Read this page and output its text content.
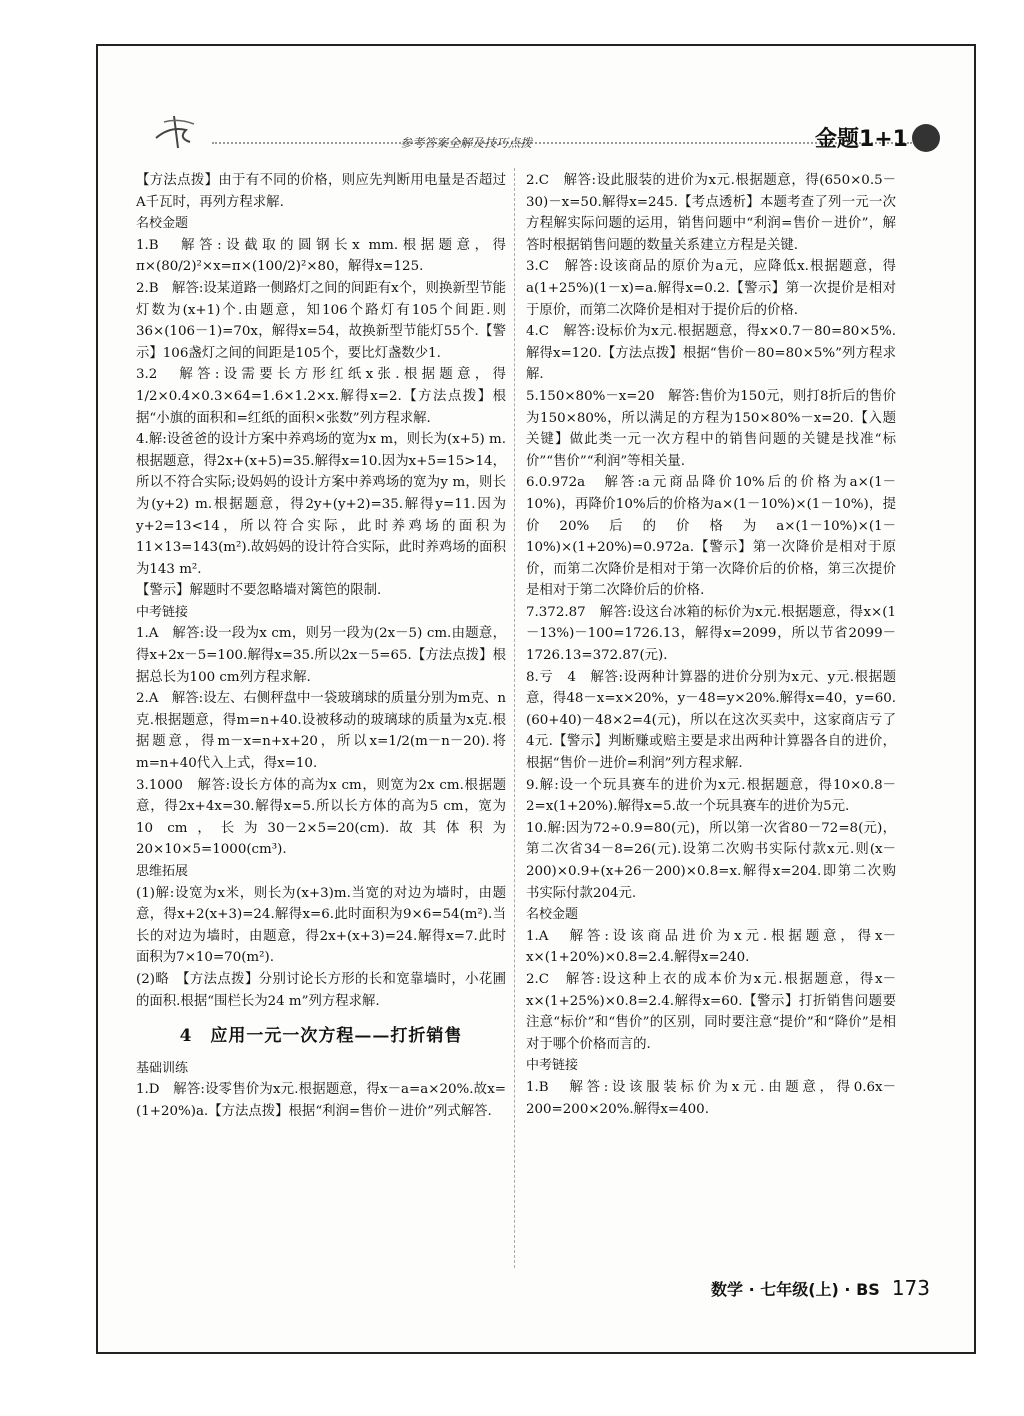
参考答案全解及技巧点拨	金题1+1

【方法点拨】由于有不同的价格，则应先判断用电量是否超过A千瓦时，再列方程求解.

名校金题

1.B　解答:设截取的圆钢长x mm.根据题意，得π×(80/2)²×x=π×(100/2)²×80，解得x=125.

2.B　解答:设某道路一侧路灯之间的间距有x个，则换新型节能灯数为(x+1)个.由题意，知106个路灯有105个间距.则36×(106－1)=70x，解得x=54，故换新型节能灯55个.【警示】106盏灯之间的间距是105个，要比灯盏数少1.

3.2　解答:设需要长方形红纸x张.根据题意，得1/2×0.4×0.3×64=1.6×1.2×x.解得x=2.【方法点拨】根据“小旗的面积和=红纸的面积×张数”列方程求解.

4.解:设爸爸的设计方案中养鸡场的宽为x m，则长为(x+5) m.根据题意，得2x+(x+5)=35.解得x=10.因为x+5=15>14，所以不符合实际;设妈妈的设计方案中养鸡场的宽为y m，则长为(y+2) m.根据题意，得2y+(y+2)=35.解得y=11.因为y+2=13<14，所以符合实际，此时养鸡场的面积为11×13=143(m²).故妈妈的设计符合实际，此时养鸡场的面积为143 m².

【警示】解题时不要忽略墙对篱笆的限制.

中考链接

1.A　解答:设一段为x cm，则另一段为(2x－5) cm.由题意，得x+2x－5=100.解得x=35.所以2x－5=65.【方法点拨】根据总长为100 cm列方程求解.

2.A　解答:设左、右侧秤盘中一袋玻璃球的质量分别为m克、n克.根据题意，得m=n+40.设被移动的玻璃球的质量为x克.根据题意，得m－x=n+x+20，所以x=1/2(m－n－20).将m=n+40代入上式，得x=10.

3.1000　解答:设长方体的高为x cm，则宽为2x cm.根据题意，得2x+4x=30.解得x=5.所以长方体的高为5 cm，宽为10 cm，长为30－2×5=20(cm).故其体积为20×10×5=1000(cm³).

思维拓展

(1)解:设宽为x米，则长为(x+3)m.当宽的对边为墙时，由题意，得x+2(x+3)=24.解得x=6.此时面积为9×6=54(m²).当长的对边为墙时，由题意，得2x+(x+3)=24.解得x=7.此时面积为7×10=70(m²).

(2)略　【方法点拨】分别讨论长方形的长和宽靠墙时，小花圃的面积.根据“围栏长为24 m”列方程求解.

4　应用一元一次方程——打折销售

基础训练

1.D　解答:设零售价为x元.根据题意，得x－a=a×20%.故x=(1+20%)a.【方法点拨】根据“利润=售价－进价”列式解答.

2.C　解答:设此服装的进价为x元.根据题意，得(650×0.5－30)－x=50.解得x=245.【考点透析】本题考查了列一元一次方程解实际问题的运用，销售问题中“利润=售价－进价”，解答时根据销售问题的数量关系建立方程是关键.

3.C　解答:设该商品的原价为a元，应降低x.根据题意，得a(1+25%)(1－x)=a.解得x=0.2.【警示】第一次提价是相对于原价，而第二次降价是相对于提价后的价格.

4.C　解答:设标价为x元.根据题意，得x×0.7－80=80×5%.解得x=120.【方法点拨】根据“售价－80=80×5%”列方程求解.

5.150×80%－x=20　解答:售价为150元，则打8折后的售价为150×80%，所以满足的方程为150×80%－x=20.【入题关键】做此类一元一次方程中的销售问题的关键是找准“标价”“售价”“利润”等相关量.

6.0.972a　解答:a元商品降价10%后的价格为a×(1－10%)，再降价10%后的价格为a×(1－10%)×(1－10%)，提价20%后的价格为a×(1－10%)×(1－10%)×(1+20%)=0.972a.【警示】第一次降价是相对于原价，而第二次降价是相对于第一次降价后的价格，第三次提价是相对于第二次降价后的价格.

7.372.87　解答:设这台冰箱的标价为x元.根据题意，得x×(1－13%)－100=1726.13，解得x=2099，所以节省2099－1726.13=372.87(元).

8.亏　4　解答:设两种计算器的进价分别为x元、y元.根据题意，得48－x=x×20%，y－48=y×20%.解得x=40，y=60.(60+40)－48×2=4(元)，所以在这次买卖中，这家商店亏了4元.【警示】判断赚或赔主要是求出两种计算器各自的进价，根据“售价－进价=利润”列方程求解.

9.解:设一个玩具赛车的进价为x元.根据题意，得10×0.8－2=x(1+20%).解得x=5.故一个玩具赛车的进价为5元.

10.解:因为72÷0.9=80(元)，所以第一次省80－72=8(元)，第二次省34－8=26(元).设第二次购书实际付款x元.则(x－200)×0.9+(x+26－200)×0.8=x.解得x=204.即第二次购书实际付款204元.

名校金题

1.A　解答:设该商品进价为x元.根据题意，得x－x×(1+20%)×0.8=2.4.解得x=240.

2.C　解答:设这种上衣的成本价为x元.根据题意，得x－x×(1+25%)×0.8=2.4.解得x=60.【警示】打折销售问题要注意“标价”和“售价”的区别，同时要注意“提价”和“降价”是相对于哪个价格而言的.

中考链接

1.B　解答:设该服装标价为x元.由题意，得0.6x－200=200×20%.解得x=400.

数学 · 七年级(上) · BS 173
